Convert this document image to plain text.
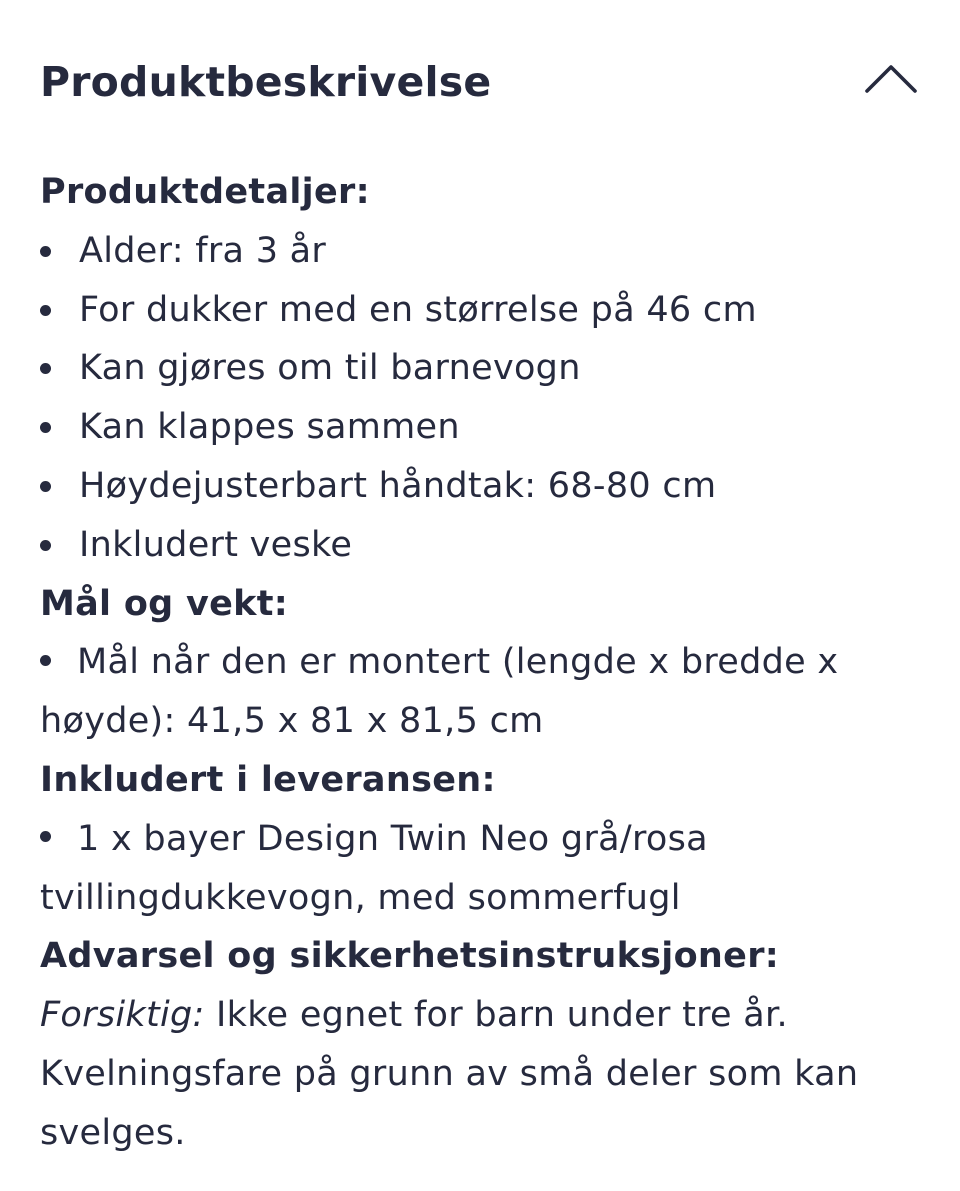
Produktbeskrivelse
Produktdetaljer:
Alder: fra 3 år
For dukker med en størrelse på 46 cm
Kan gjøres om til barnevogn
Kan klappes sammen
Høydejusterbart håndtak: 68-80 cm
Inkludert veske
Mål og vekt:
Mål når den er montert (lengde x bredde x høyde): 41,5 x 81 x 81,5 cm
Inkludert i leveransen:
1 x bayer Design Twin Neo grå/rosa tvillingdukkevogn, med sommerfugl
Advarsel og sikkerhetsinstruksjoner:
Forsiktig: Ikke egnet for barn under tre år. Kvelningsfare på grunn av små deler som kan svelges.
